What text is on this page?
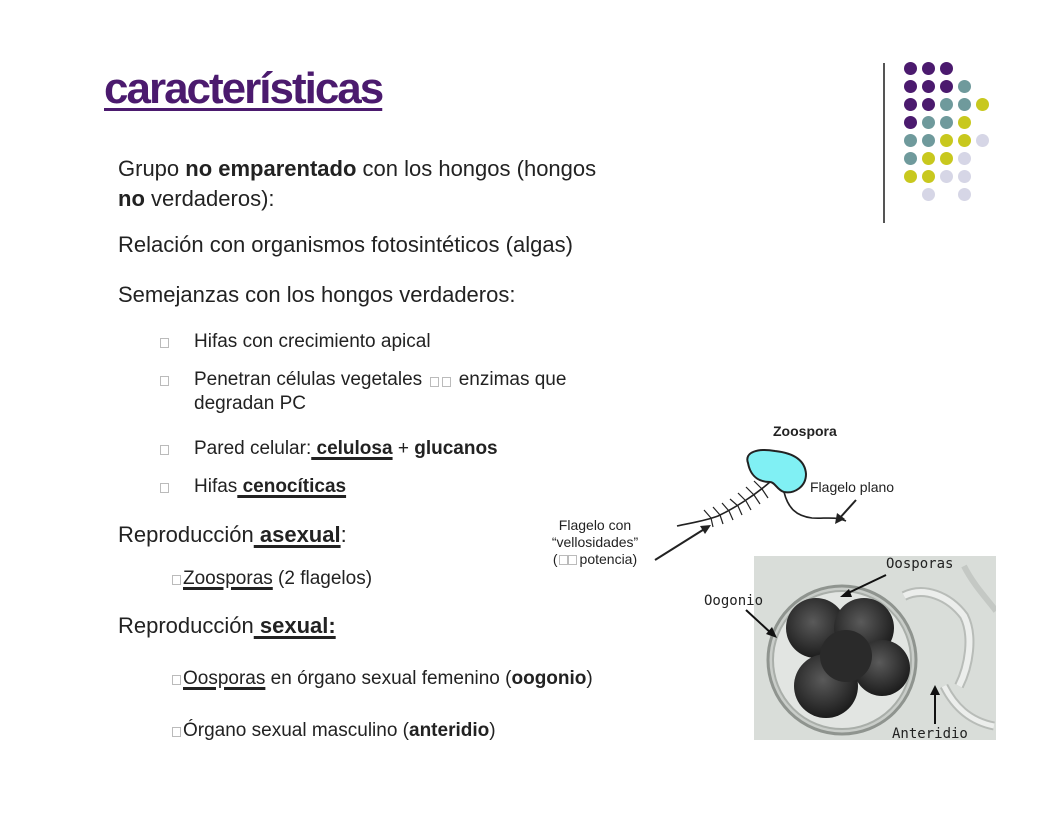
características
Grupo no emparentado con los hongos (hongos
no verdaderos):
Relación con organismos fotosintéticos (algas)
Semejanzas con los hongos verdaderos:
Hifas con crecimiento apical
Penetran células vegetales  enzimas que
degradan PC
Pared celular: celulosa + glucanos
Hifas cenocíticas
Reproducción asexual:
Zoosporas (2 flagelos)
Reproducción sexual:
Oosporas en órgano sexual femenino (oogonio)
Órgano sexual masculino (anteridio)
Zoospora
Flagelo plano
Flagelo con
“vellosidades”
( potencia)	Oosporas
Oogonio
Anteridio
